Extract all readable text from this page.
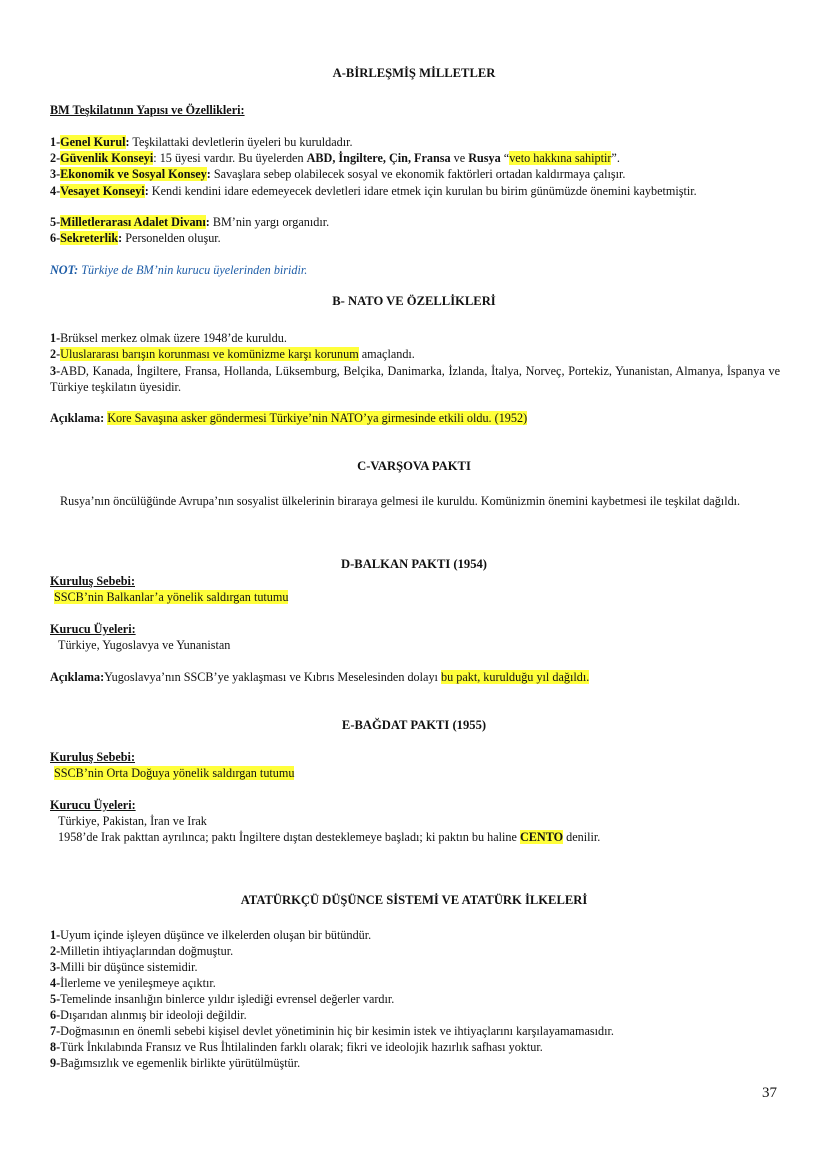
A-BİRLEŞMİŞ MİLLETLER
BM Teşkilatının Yapısı ve Özellikleri:
1-Genel Kurul: Teşkilattaki devletlerin üyeleri bu kuruldadır.
2-Güvenlik Konseyi: 15 üyesi vardır. Bu üyelerden ABD, İngiltere, Çin, Fransa ve Rusya “veto hakkına sahiptir”.
3-Ekonomik ve Sosyal Konsey: Savaşlara sebep olabilecek sosyal ve ekonomik faktörleri ortadan kaldırmaya çalışır.
4-Vesayet Konseyi: Kendi kendini idare edemeyecek devletleri idare etmek için kurulan bu birim günümüzde önemini kaybetmiştir.
5-Milletlerarası Adalet Divanı: BM’nin yargı organıdır.
6-Sekreterlik: Personelden oluşur.
NOT: Türkiye de BM’nin kurucu üyelerinden biridir.
B- NATO VE ÖZELLİKLERİ
1-Brüksel merkez olmak üzere 1948’de kuruldu.
2-Uluslararası barışın korunması ve komünizme karşı korunum amaçlandı.
3-ABD, Kanada, İngiltere, Fransa, Hollanda, Lüksemburg, Belçika, Danimarka, İzlanda, İtalya, Norveç, Portekiz, Yunanistan, Almanya, İspanya ve Türkiye teşkilatın üyesidir.
Açıklama: Kore Savaşına asker göndermesi Türkiye’nin NATO’ya girmesinde etkili oldu. (1952)
C-VARŞOVA PAKTI
Rusya’nın öncülüğünde Avrupa’nın sosyalist ülkelerinin biraraya gelmesi ile kuruldu. Komünizmin önemini kaybetmesi ile teşkilat dağıldı.
D-BALKAN PAKTI (1954)
Kuruluş Sebebi:
SSCB’nin Balkanlar’a yönelik saldırgan tutumu
Kurucu Üyeleri:
Türkiye, Yugoslavya ve Yunanistan
Açıklama:Yugoslavya’nın SSCB’ye yaklaşması ve Kıbrıs Meselesinden dolayı bu pakt, kurulduğu yıl dağıldı.
E-BAĞDAT PAKTI (1955)
Kuruluş Sebebi:
SSCB’nin Orta Doğuya yönelik saldırgan tutumu
Kurucu Üyeleri:
Türkiye, Pakistan, İran ve Irak
1958’de Irak pakttan ayrılınca; paktı İngiltere dıştan desteklemeye başladı; ki paktın bu haline CENTO denilir.
ATATÜRKÇÜ DÜŞÜNCE SİSTEMİ VE ATATÜRK İLKELERİ
1-Uyum içinde işleyen düşünce ve ilkelerden oluşan bir bütündür.
2-Milletin ihtiyaçlarından doğmuştur.
3-Milli bir düşünce sistemidir.
4-İlerleme ve yenileşmeye açıktır.
5-Temelinde insanlığın binlerce yıldır işlediği evrensel değerler vardır.
6-Dışarıdan alınmış bir ideoloji değildir.
7-Doğmasının en önemli sebebi kişisel devlet yönetiminin hiç bir kesimin istek ve ihtiyaçlarını karşılayamamasıdır.
8-Türk İnkılabında Fransız ve Rus İhtilalinden farklı olarak; fikri ve ideolojik hazırlık safhası yoktur.
9-Bağımsızlık ve egemenlik birlikte yürütülmüştür.
37
